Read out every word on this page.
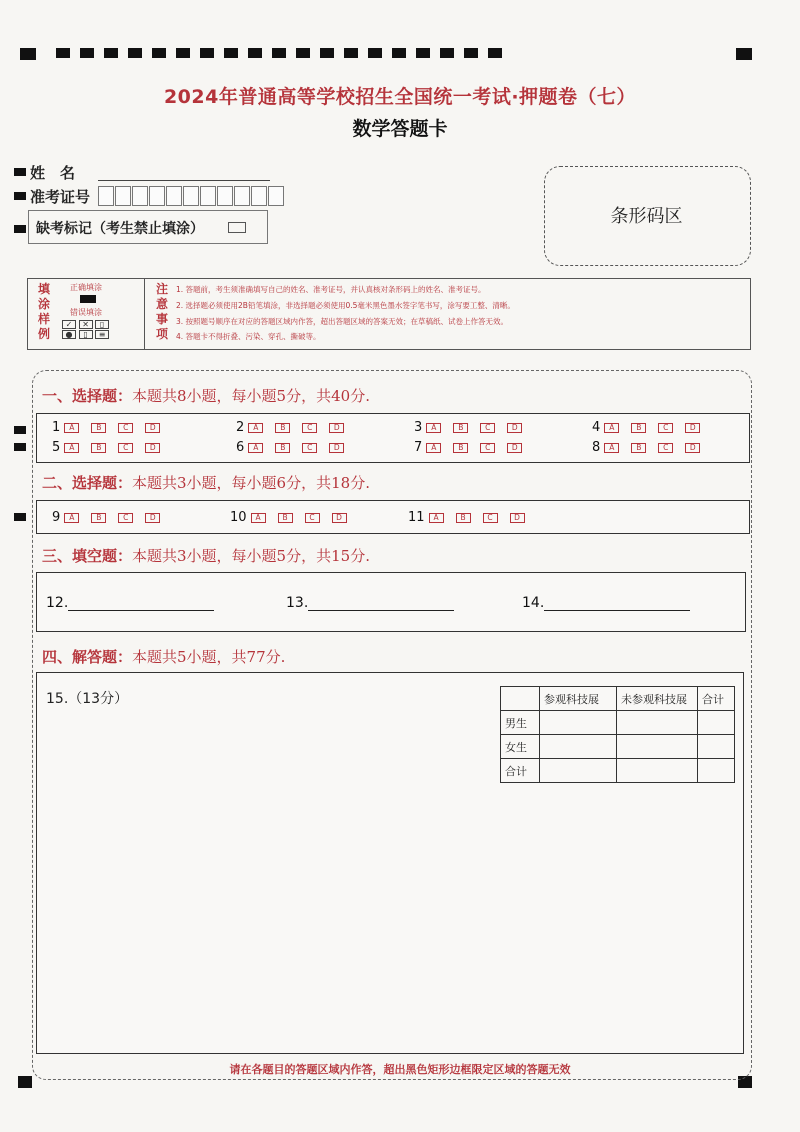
2024年普通高等学校招生全国统一考试·押题卷（七）
数学答题卡
姓　名
准考证号
缺考标记（考生禁止填涂）
条形码区
填
涂
样
例
正确填涂
错误填涂
✓ ✕ ▯
● ▯ ≡
注
意
事
项
1. 答题前，考生须准确填写自己的姓名、准考证号，并认真核对条形码上的姓名、准考证号。
2. 选择题必须使用2B铅笔填涂，非选择题必须使用0.5毫米黑色墨水签字笔书写，涂写要工整、清晰。
3. 按照题号顺序在对应的答题区域内作答，超出答题区域的答案无效；在草稿纸、试卷上作答无效。
4. 答题卡不得折叠、污染、穿孔、撕破等。
一、选择题：本题共8小题，每小题5分，共40分.
1	A	B	C	D	2	A	B	C	D	3	A	B	C	D	4	A	B	C	D
5	A	B	C	D	6	A	B	C	D	7	A	B	C	D	8	A	B	C	D
二、选择题：本题共3小题，每小题6分，共18分.
9	A	B	C	D	10	A	B	C	D	11	A	B	C	D
三、填空题：本题共3小题，每小题5分，共15分.
12.	13.	14.
四、解答题：本题共5小题，共77分.
15.（13分）
		参观科技展	未参观科技展	合计
男生			
女生			
合计			
请在各题目的答题区域内作答，超出黑色矩形边框限定区域的答题无效
